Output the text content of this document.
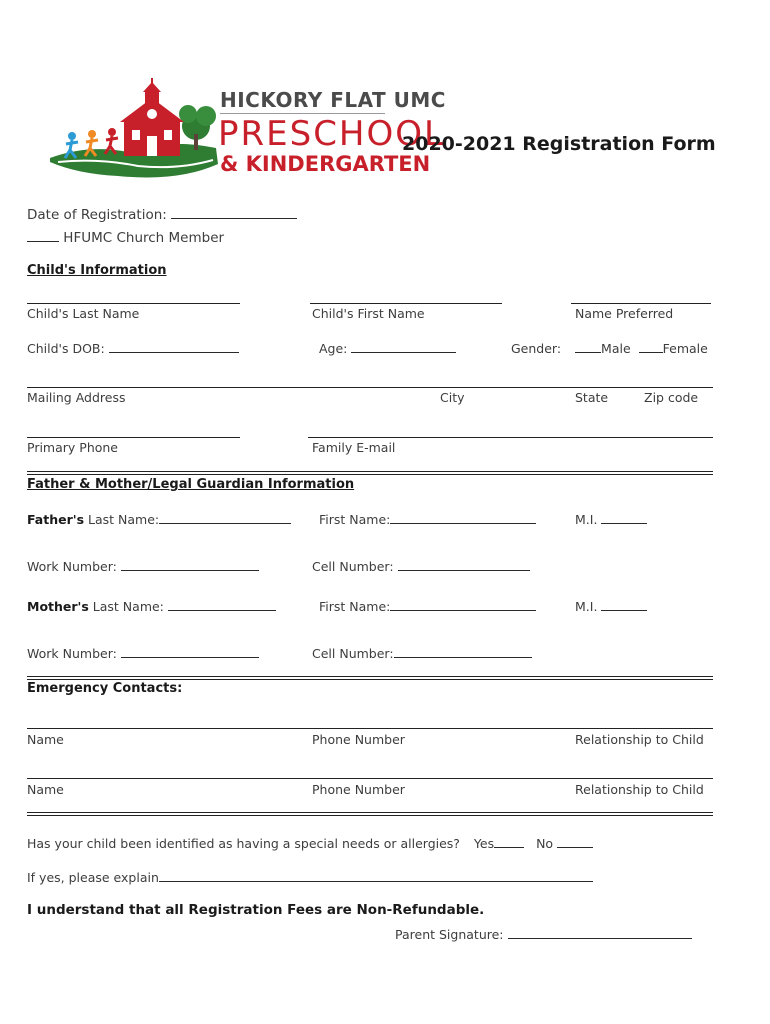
HICKORY FLAT UMC
PRESCHOOL
& KINDERGARTEN
2020-2021 Registration Form
Date of Registration:
HFUMC Church Member
Child's Information
Child's Last Name	Child's First Name	Name Preferred
Child's DOB:	Age:	Gender:	Male	Female
Mailing Address	City	State	Zip code
Primary Phone	Family E-mail
Father & Mother/Legal Guardian Information
Father's Last Name:	First Name:	M.I.
Work Number:	Cell Number:
Mother's Last Name:	First Name:	M.I.
Work Number:	Cell Number:
Emergency Contacts:
Name	Phone Number	Relationship to Child
Name	Phone Number	Relationship to Child
Has your child been identified as having a special needs or allergies? Yes	No
If yes, please explain
I understand that all Registration Fees are Non-Refundable.
Parent Signature:
